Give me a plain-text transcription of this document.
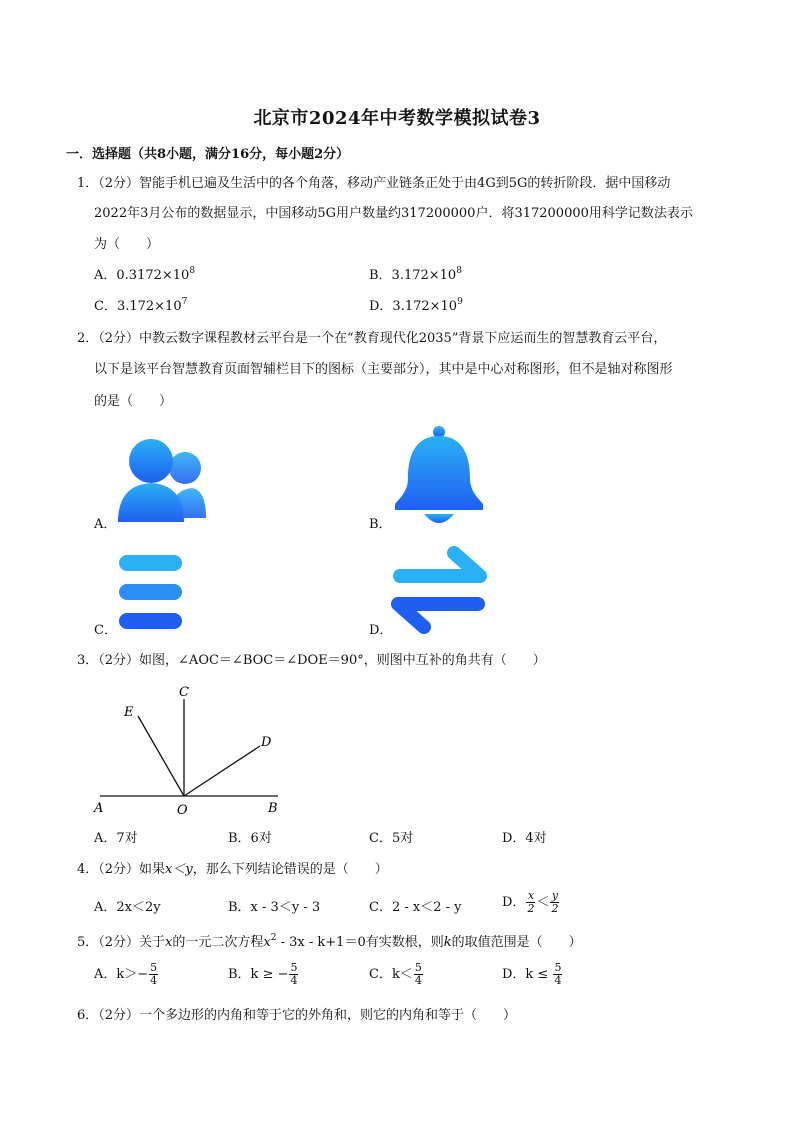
北京市2024年中考数学模拟试卷3
一．选择题（共8小题，满分16分，每小题2分）
1．（2分）智能手机已遍及生活中的各个角落，移动产业链条正处于由4G到5G的转折阶段．据中国移动
2022年3月公布的数据显示，中国移动5G用户数量约317200000户．将317200000用科学记数法表示
为（　　）
A．$0.3172\times 10^8$	B．$3.172\times 10^8$
C．$3.172\times 10^7$	D．$3.172\times 10^9$
2．（2分）中教云数字课程教材云平台是一个在“教育现代化2035”背景下应运而生的智慧教育云平台，
以下是该平台智慧教育页面智辅栏目下的图标（主要部分），其中是中心对称图形，但不是轴对称图形
的是（　　）
A．	B．
C．	D．
3．（2分）如图，∠AOC＝∠BOC＝∠DOE＝90°，则图中互补的角共有（　　）
C
E
D
A	O	B
A．7对	B．6对	C．5对	D．4对
4．（2分）如果x＜y，那么下列结论错误的是（　　）
A．2x＜2y	B．x - 3＜y - 3	C．2 - x＜2 - y	D． $\frac{x}{2} < \frac{y}{2}$
5．（2分）关于x的一元二次方程$x^2 - 3x - k+1=0$有实数根，则k的取值范围是（　　）
A．$k>- \frac{5}{4}$	B．k ≥ − $\frac{5}{4}$	C．$k< \frac{5}{4}$	D．$k \le \frac{5}{4}$
6．（2分）一个多边形的内角和等于它的外角和，则它的内角和等于（　　）
